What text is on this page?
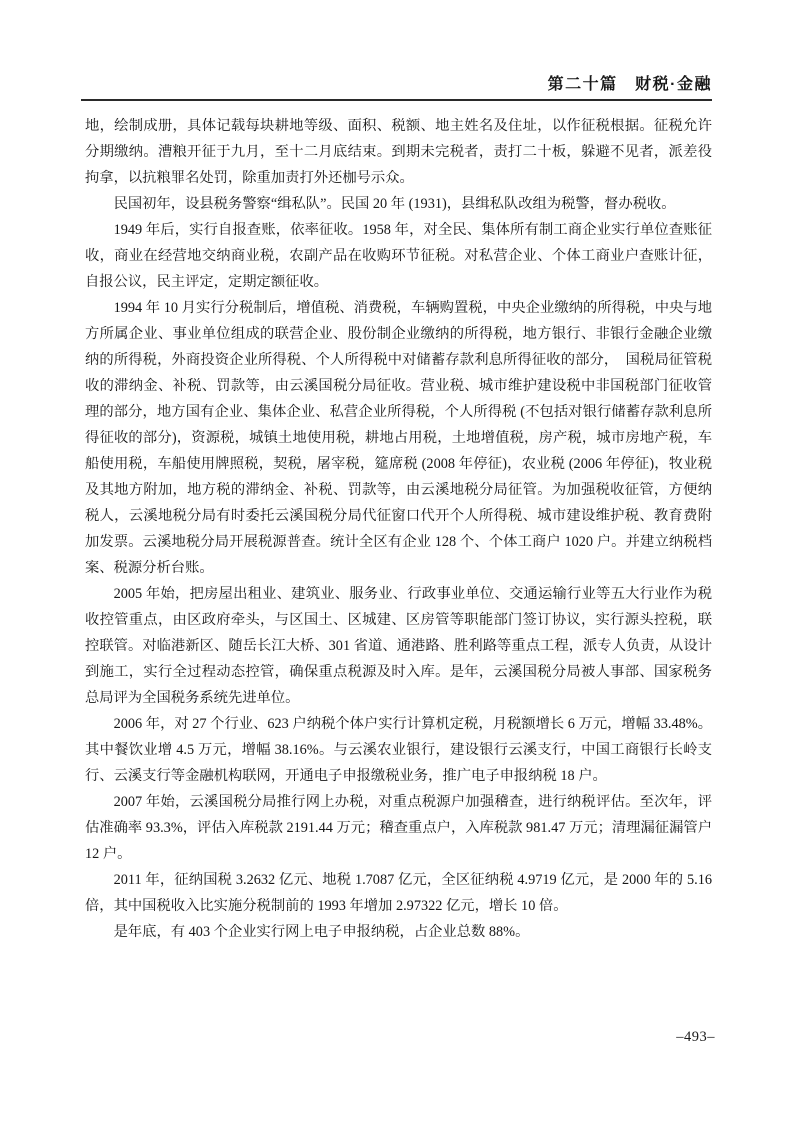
第二十篇　财税·金融

地，绘制成册，具体记载每块耕地等级、面积、税额、地主姓名及住址，以作征税根据。征税允许分期缴纳。漕粮开征于九月，至十二月底结束。到期未完税者，责打二十板，躲避不见者，派差役拘拿，以抗粮罪名处罚，除重加责打外还枷号示众。

民国初年，设县税务警察“缉私队”。民国 20 年 (1931)，县缉私队改组为税警，督办税收。

1949 年后，实行自报查账，依率征收。1958 年，对全民、集体所有制工商企业实行单位查账征收，商业在经营地交纳商业税，农副产品在收购环节征税。对私营企业、个体工商业户查账计征，自报公议，民主评定，定期定额征收。

1994 年 10 月实行分税制后，增值税、消费税，车辆购置税，中央企业缴纳的所得税，中央与地方所属企业、事业单位组成的联营企业、股份制企业缴纳的所得税，地方银行、非银行金融企业缴纳的所得税，外商投资企业所得税、个人所得税中对储蓄存款利息所得征收的部分，　国税局征管税收的滞纳金、补税、罚款等，由云溪国税分局征收。营业税、城市维护建设税中非国税部门征收管理的部分，地方国有企业、集体企业、私营企业所得税，个人所得税 (不包括对银行储蓄存款利息所得征收的部分)，资源税，城镇土地使用税，耕地占用税，土地增值税，房产税，城市房地产税，车船使用税，车船使用牌照税，契税，屠宰税，筵席税 (2008 年停征)，农业税 (2006 年停征)，牧业税及其地方附加，地方税的滞纳金、补税、罚款等，由云溪地税分局征管。为加强税收征管，方便纳税人，云溪地税分局有时委托云溪国税分局代征窗口代开个人所得税、城市建设维护税、教育费附加发票。云溪地税分局开展税源普查。统计全区有企业 128 个、个体工商户 1020 户。并建立纳税档案、税源分析台账。

2005 年始，把房屋出租业、建筑业、服务业、行政事业单位、交通运输行业等五大行业作为税收控管重点，由区政府牵头，与区国土、区城建、区房管等职能部门签订协议，实行源头控税，联控联管。对临港新区、随岳长江大桥、301 省道、通港路、胜利路等重点工程，派专人负责，从设计到施工，实行全过程动态控管，确保重点税源及时入库。是年，云溪国税分局被人事部、国家税务总局评为全国税务系统先进单位。

2006 年，对 27 个行业、623 户纳税个体户实行计算机定税，月税额增长 6 万元，增幅 33.48%。其中餐饮业增 4.5 万元，增幅 38.16%。与云溪农业银行，建设银行云溪支行，中国工商银行长岭支行、云溪支行等金融机构联网，开通电子申报缴税业务，推广电子申报纳税 18 户。

2007 年始，云溪国税分局推行网上办税，对重点税源户加强稽查，进行纳税评估。至次年，评估准确率 93.3%，评估入库税款 2191.44 万元；稽查重点户，入库税款 981.47 万元；清理漏征漏管户 12 户。

2011 年，征纳国税 3.2632 亿元、地税 1.7087 亿元，全区征纳税 4.9719 亿元，是 2000 年的 5.16 倍，其中国税收入比实施分税制前的 1993 年增加 2.97322 亿元，增长 10 倍。

是年底，有 403 个企业实行网上电子申报纳税，占企业总数 88%。

–493–
